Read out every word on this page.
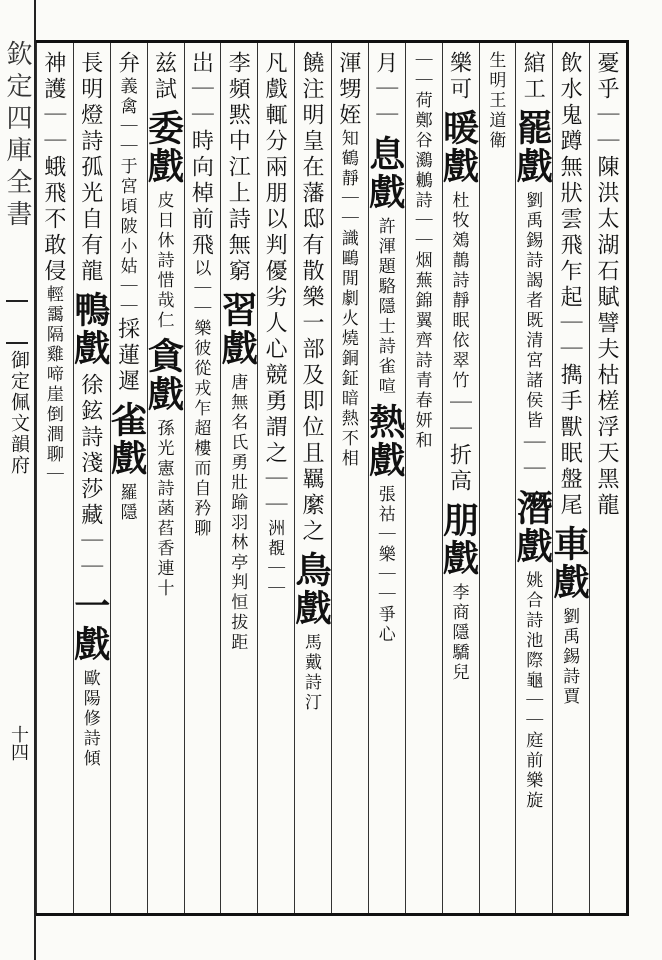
欽定四庫全書
御定佩文韻府
十四
憂乎｜｜陳洪太湖石賦譬夫枯槎浮天黑龍
飲水鬼蹲無狀雲飛乍起｜｜擕手獸眠盤尾車戲劉禹錫詩賈
綰工罷戲劉禹錫詩謁者既清宮諸侯皆｜｜潛戲姚合詩池際龜｜｜庭前樂旋
生明王道衛
樂可暖戲杜牧鵁鶄詩靜眠依翠竹｜｜折高朋戲李商隱驕兒
｜｜荷鄭谷鸂鶒詩｜｜烟蕪錦翼齊詩青春妍和
月｜｜息戲許渾題駱隱士詩雀喧熱戲張祜｜樂｜｜爭心
渾甥姪知鶴靜｜｜識鷗閒劇火燒銅鉦暗熱不相
饒注明皇在藩邸有散樂一部及即位且羈縻之鳥戲馬戴詩汀
凡戲輒分兩朋以判優劣人心競勇謂之｜｜洲覩｜｜
李頻黙中江上詩無窮習戲唐無名氏勇壯踰羽林亭判恒拔距
岀｜｜時向棹前飛以｜｜樂彼從戎乍超樓而自矜聊
兹試委戲皮日休詩惜哉仁貪戲孫光憲詩菡萏香連十
弁義禽｜｜于宮頃陂小姑｜｜採蓮遲雀戲羅隱
長明燈詩孤光自有龍鴨戲徐鉉詩淺莎藏｜｜一戲歐陽修詩傾
神護｜｜蛾飛不敢侵輕靄隔雞啼崖倒澗聊｜
